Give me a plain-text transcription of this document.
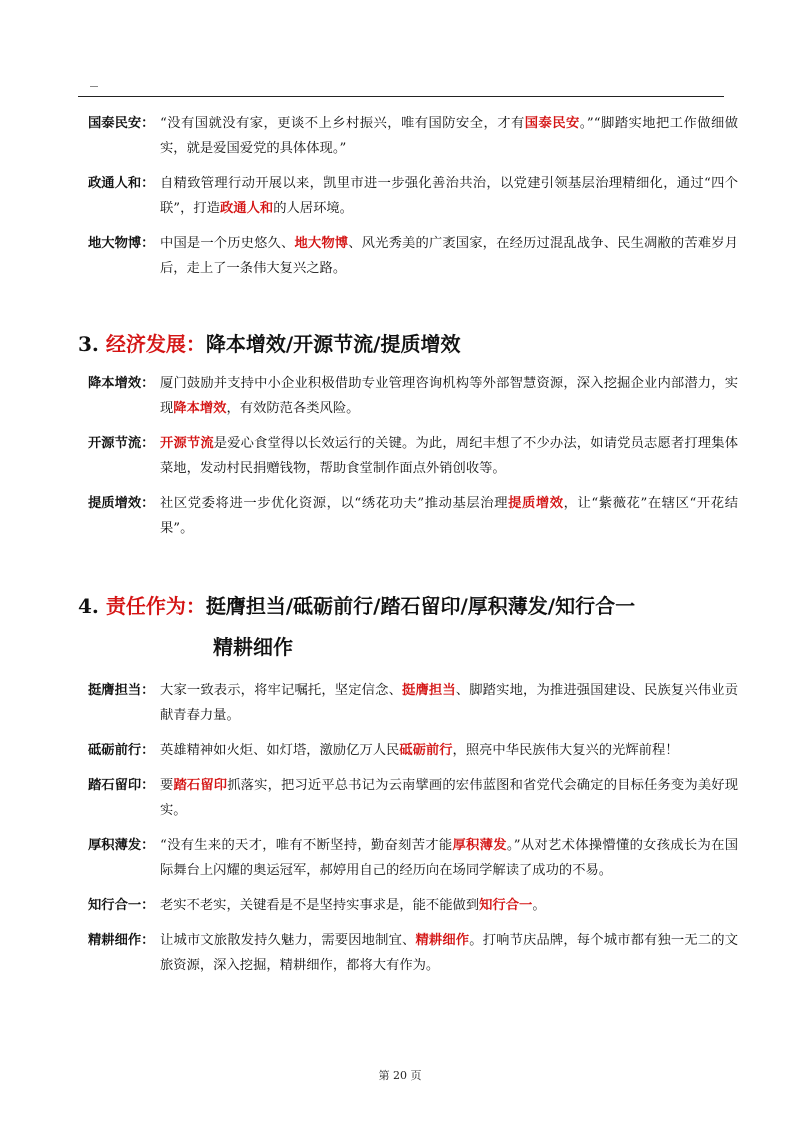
国泰民安： “没有国就没有家，更谈不上乡村振兴，唯有国防安全，才有国泰民安。”“脚踏实地把工作做细做实，就是爱国爱党的具体体现。”
政通人和： 自精致管理行动开展以来，凯里市进一步强化善治共治，以党建引领基层治理精细化，通过“四个联”，打造政通人和的人居环境。
地大物博： 中国是一个历史悠久、地大物博、风光秀美的广袤国家，在经历过混乱战争、民生凋敝的苦难岁月后，走上了一条伟大复兴之路。
3. 经济发展：降本增效/开源节流/提质增效
降本增效： 厦门鼓励并支持中小企业积极借助专业管理咨询机构等外部智慧资源，深入挖掘企业内部潜力，实现降本增效，有效防范各类风险。
开源节流： 开源节流是爱心食堂得以长效运行的关键。为此，周纪丰想了不少办法，如请党员志愿者打理集体菜地，发动村民捐赠钱物，帮助食堂制作面点外销创收等。
提质增效： 社区党委将进一步优化资源，以“绣花功夫”推动基层治理提质增效，让“紫薇花”在辖区“开花结果”。
4. 责任作为：挺膺担当/砥砺前行/踏石留印/厚积薄发/知行合一
精耕细作
挺膺担当： 大家一致表示，将牢记嘱托，坚定信念、挺膺担当、脚踏实地，为推进强国建设、民族复兴伟业贡献青春力量。
砥砺前行： 英雄精神如火炬、如灯塔，激励亿万人民砥砺前行，照亮中华民族伟大复兴的光辉前程！
踏石留印： 要踏石留印抓落实，把习近平总书记为云南擘画的宏伟蓝图和省党代会确定的目标任务变为美好现实。
厚积薄发： “没有生来的天才，唯有不断坚持，勤奋刻苦才能厚积薄发。”从对艺术体操懵懂的女孩成长为在国际舞台上闪耀的奥运冠军，郝婷用自己的经历向在场同学解读了成功的不易。
知行合一： 老实不老实，关键看是不是坚持实事求是，能不能做到知行合一。
精耕细作： 让城市文旅散发持久魅力，需要因地制宜、精耕细作。打响节庆品牌，每个城市都有独一无二的文旅资源，深入挖掘，精耕细作，都将大有作为。
第 20 页
